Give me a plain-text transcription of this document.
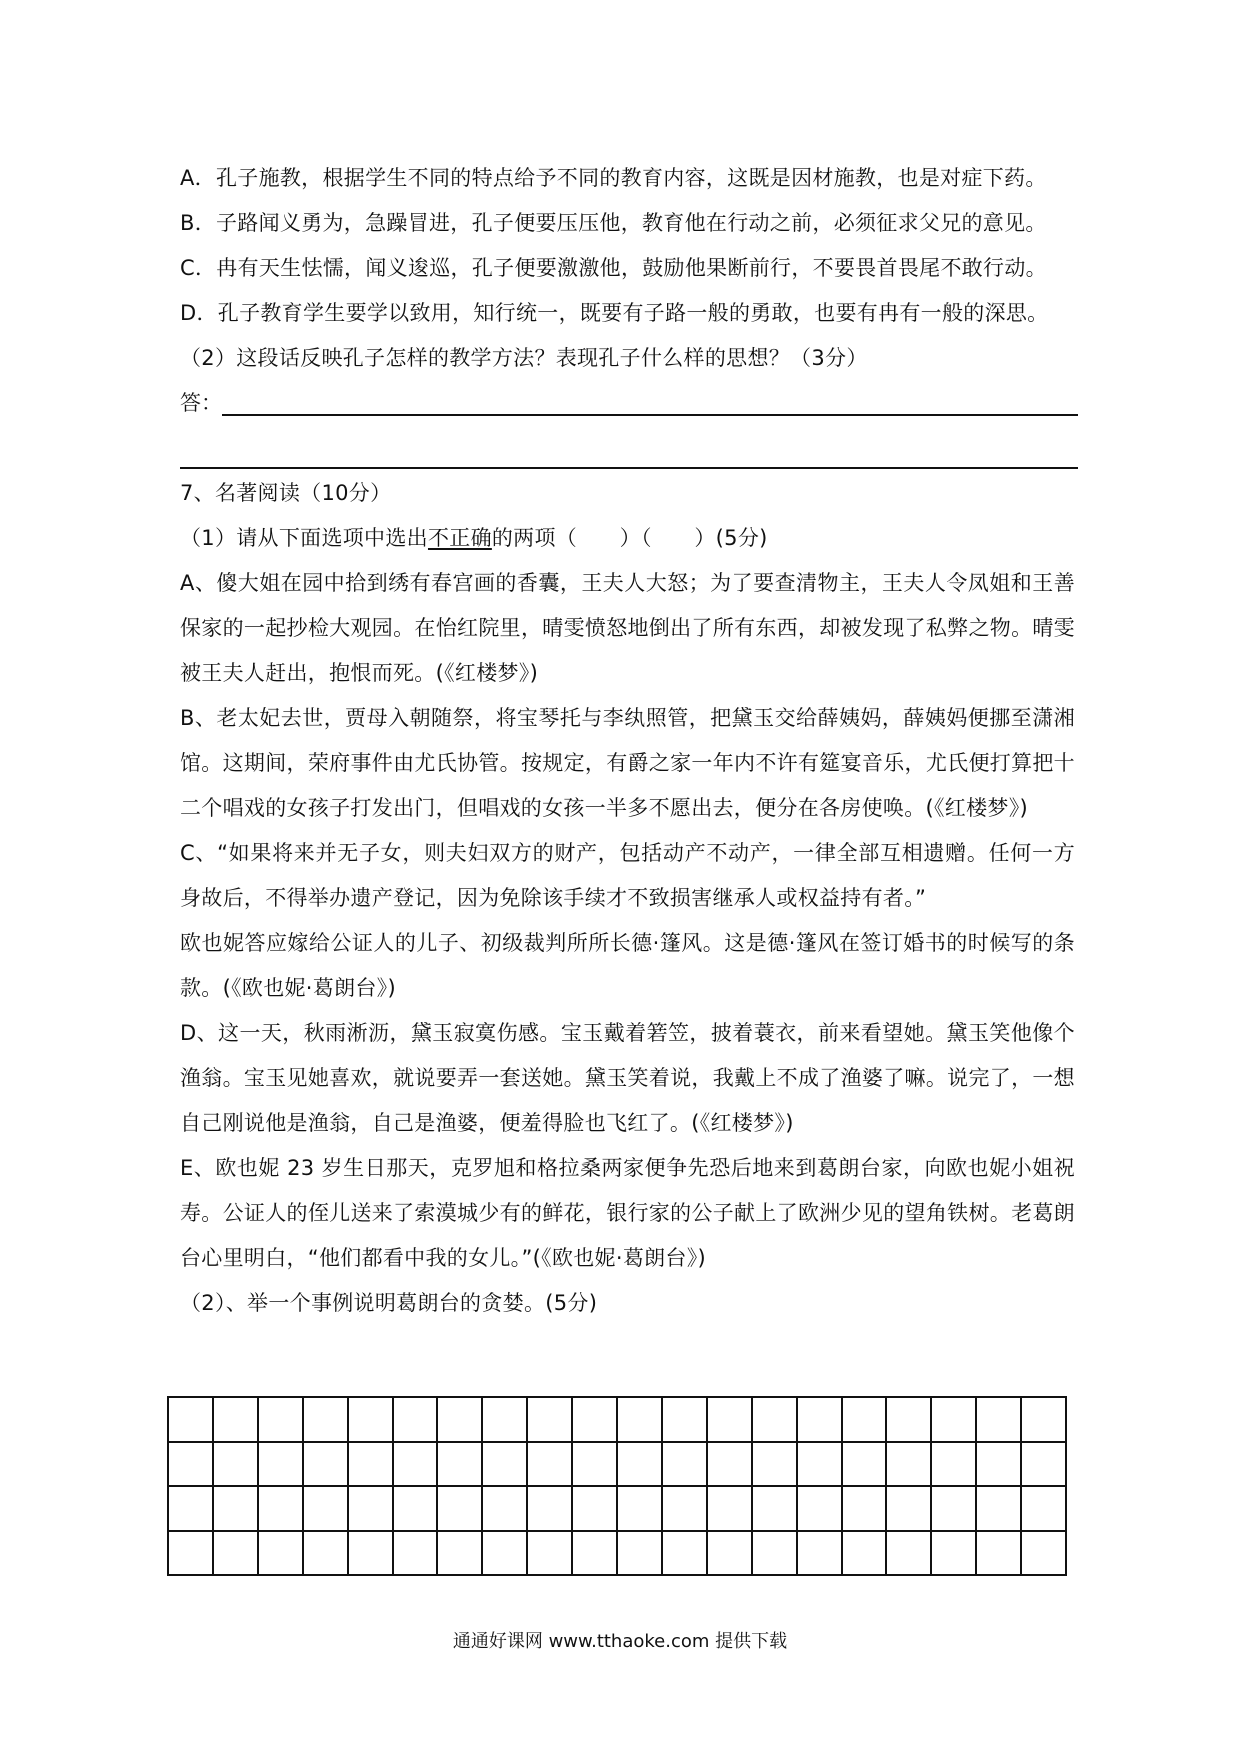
A．孔子施教，根据学生不同的特点给予不同的教育内容，这既是因材施教，也是对症下药。
B．子路闻义勇为，急躁冒进，孔子便要压压他，教育他在行动之前，必须征求父兄的意见。
C．冉有天生怯懦，闻义逡巡，孔子便要激激他，鼓励他果断前行，不要畏首畏尾不敢行动。
D．孔子教育学生要学以致用，知行统一，既要有子路一般的勇敢，也要有冉有一般的深思。
（2）这段话反映孔子怎样的教学方法？表现孔子什么样的思想？（3分）
答：
7、名著阅读（10分）
（1）请从下面选项中选出不正确的两项（　　）（　　）(5分)
A、傻大姐在园中拾到绣有春宫画的香囊，王夫人大怒；为了要查清物主，王夫人令凤姐和王善保家的一起抄检大观园。在怡红院里，晴雯愤怒地倒出了所有东西，却被发现了私弊之物。晴雯被王夫人赶出，抱恨而死。(《红楼梦》)
B、老太妃去世，贾母入朝随祭，将宝琴托与李纨照管，把黛玉交给薛姨妈，薛姨妈便挪至潇湘馆。这期间，荣府事件由尤氏协管。按规定，有爵之家一年内不许有筵宴音乐，尤氏便打算把十二个唱戏的女孩子打发出门，但唱戏的女孩一半多不愿出去，便分在各房使唤。(《红楼梦》)
C、“如果将来并无子女，则夫妇双方的财产，包括动产不动产，一律全部互相遗赠。任何一方身故后，不得举办遗产登记，因为免除该手续才不致损害继承人或权益持有者。”
欧也妮答应嫁给公证人的儿子、初级裁判所所长德·篷风。这是德·篷风在签订婚书的时候写的条款。(《欧也妮·葛朗台》)
D、这一天，秋雨淅沥，黛玉寂寞伤感。宝玉戴着箬笠，披着蓑衣，前来看望她。黛玉笑他像个渔翁。宝玉见她喜欢，就说要弄一套送她。黛玉笑着说，我戴上不成了渔婆了嘛。说完了，一想自己刚说他是渔翁，自己是渔婆，便羞得脸也飞红了。(《红楼梦》)
E、欧也妮 23 岁生日那天，克罗旭和格拉桑两家便争先恐后地来到葛朗台家，向欧也妮小姐祝寿。公证人的侄儿送来了索漠城少有的鲜花，银行家的公子献上了欧洲少见的望角铁树。老葛朗台心里明白，“他们都看中我的女儿。”(《欧也妮·葛朗台》)
（2）、举一个事例说明葛朗台的贪婪。(5分)
通通好课网 www.tthaoke.com 提供下载
